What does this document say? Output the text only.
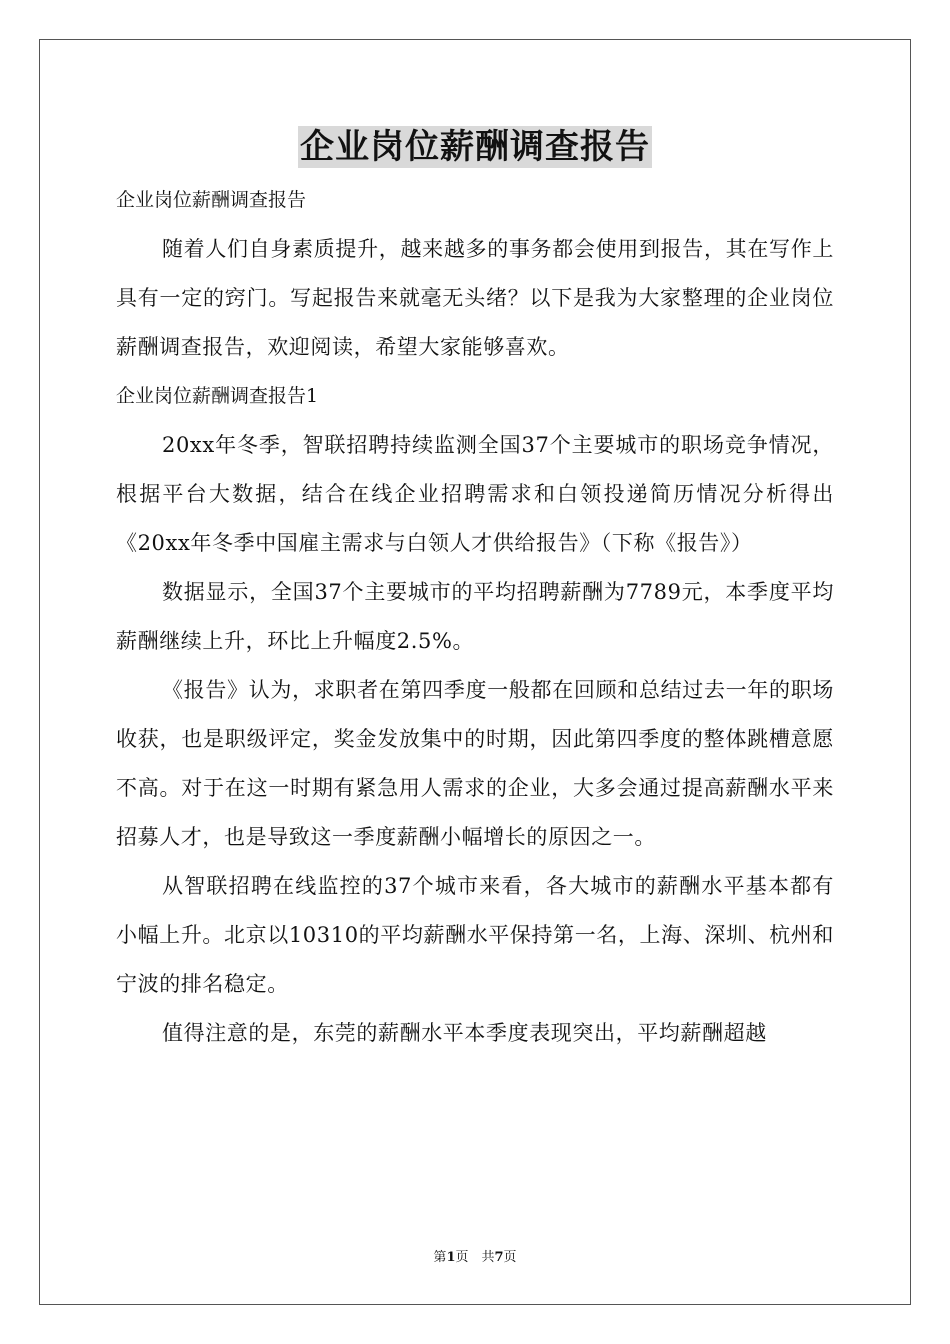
企业岗位薪酬调查报告

企业岗位薪酬调查报告

随着人们自身素质提升，越来越多的事务都会使用到报告，其在写作上具有一定的窍门。写起报告来就毫无头绪？以下是我为大家整理的企业岗位薪酬调查报告，欢迎阅读，希望大家能够喜欢。

企业岗位薪酬调查报告1

20xx年冬季，智联招聘持续监测全国37个主要城市的职场竞争情况，根据平台大数据，结合在线企业招聘需求和白领投递简历情况分析得出《20xx年冬季中国雇主需求与白领人才供给报告》（下称《报告》）

数据显示，全国37个主要城市的平均招聘薪酬为7789元，本季度平均薪酬继续上升，环比上升幅度2.5%。

《报告》认为，求职者在第四季度一般都在回顾和总结过去一年的职场收获，也是职级评定，奖金发放集中的时期，因此第四季度的整体跳槽意愿不高。对于在这一时期有紧急用人需求的企业，大多会通过提高薪酬水平来招募人才，也是导致这一季度薪酬小幅增长的原因之一。

从智联招聘在线监控的37个城市来看，各大城市的薪酬水平基本都有小幅上升。北京以10310的平均薪酬水平保持第一名，上海、深圳、杭州和宁波的排名稳定。

值得注意的是，东莞的薪酬水平本季度表现突出，平均薪酬超越

第1页　共7页
